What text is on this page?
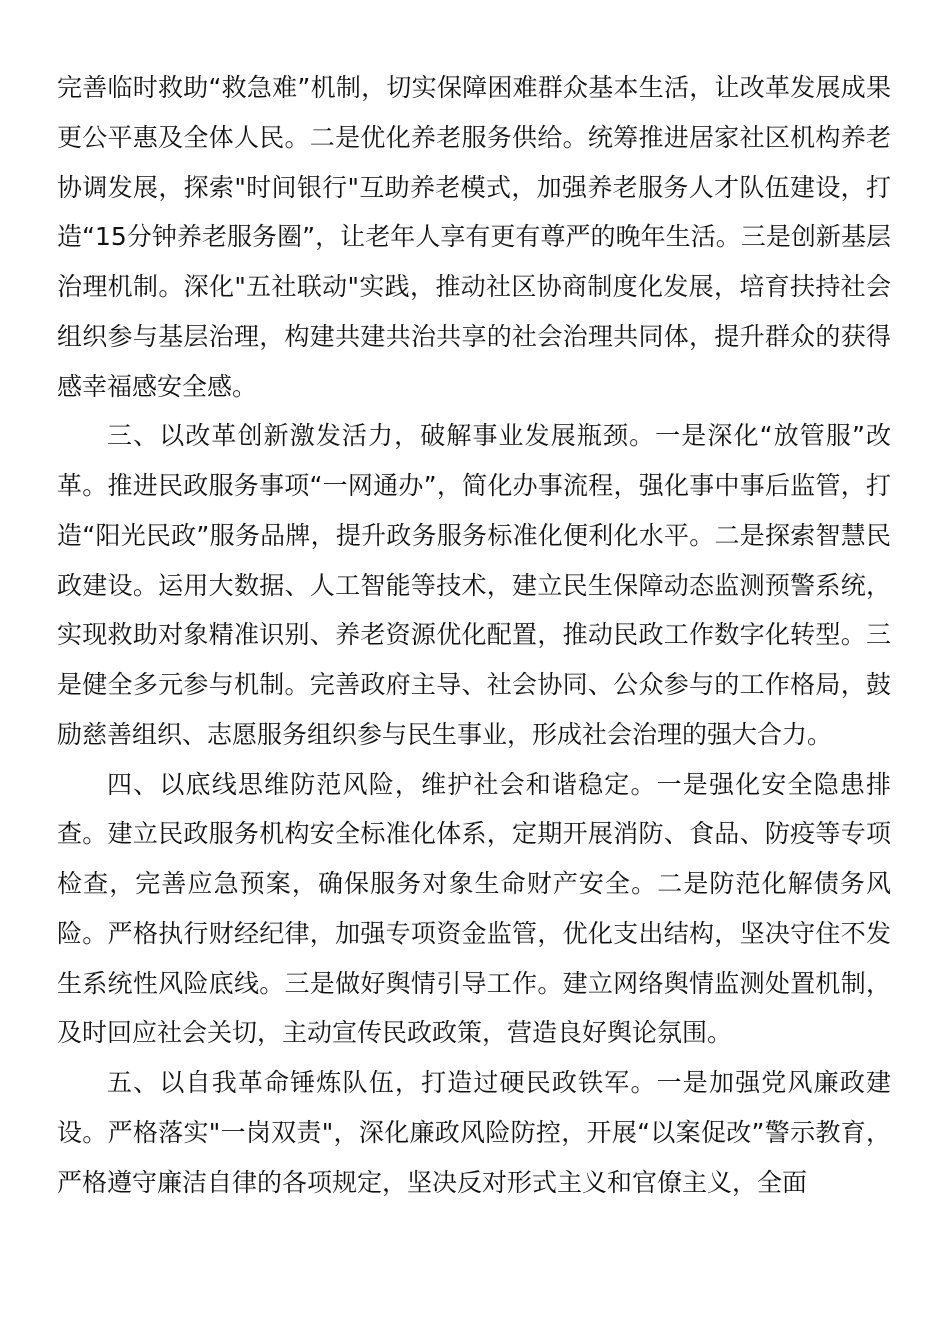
完善临时救助“救急难”机制，切实保障困难群众基本生活，让改革发展成果更公平惠及全体人民。二是优化养老服务供给。统筹推进居家社区机构养老协调发展，探索"时间银行"互助养老模式，加强养老服务人才队伍建设，打造“15分钟养老服务圈”，让老年人享有更有尊严的晚年生活。三是创新基层治理机制。深化"五社联动"实践，推动社区协商制度化发展，培育扶持社会组织参与基层治理，构建共建共治共享的社会治理共同体，提升群众的获得感幸福感安全感。

三、以改革创新激发活力，破解事业发展瓶颈。一是深化“放管服”改革。推进民政服务事项“一网通办”，简化办事流程，强化事中事后监管，打造“阳光民政”服务品牌，提升政务服务标准化便利化水平。二是探索智慧民政建设。运用大数据、人工智能等技术，建立民生保障动态监测预警系统，实现救助对象精准识别、养老资源优化配置，推动民政工作数字化转型。三是健全多元参与机制。完善政府主导、社会协同、公众参与的工作格局，鼓励慈善组织、志愿服务组织参与民生事业，形成社会治理的强大合力。

四、以底线思维防范风险，维护社会和谐稳定。一是强化安全隐患排查。建立民政服务机构安全标准化体系，定期开展消防、食品、防疫等专项检查，完善应急预案，确保服务对象生命财产安全。二是防范化解债务风险。严格执行财经纪律，加强专项资金监管，优化支出结构，坚决守住不发生系统性风险底线。三是做好舆情引导工作。建立网络舆情监测处置机制，及时回应社会关切，主动宣传民政政策，营造良好舆论氛围。

五、以自我革命锤炼队伍，打造过硬民政铁军。一是加强党风廉政建设。严格落实"一岗双责"，深化廉政风险防控，开展“以案促改”警示教育，严格遵守廉洁自律的各项规定，坚决反对形式主义和官僚主义，全面
